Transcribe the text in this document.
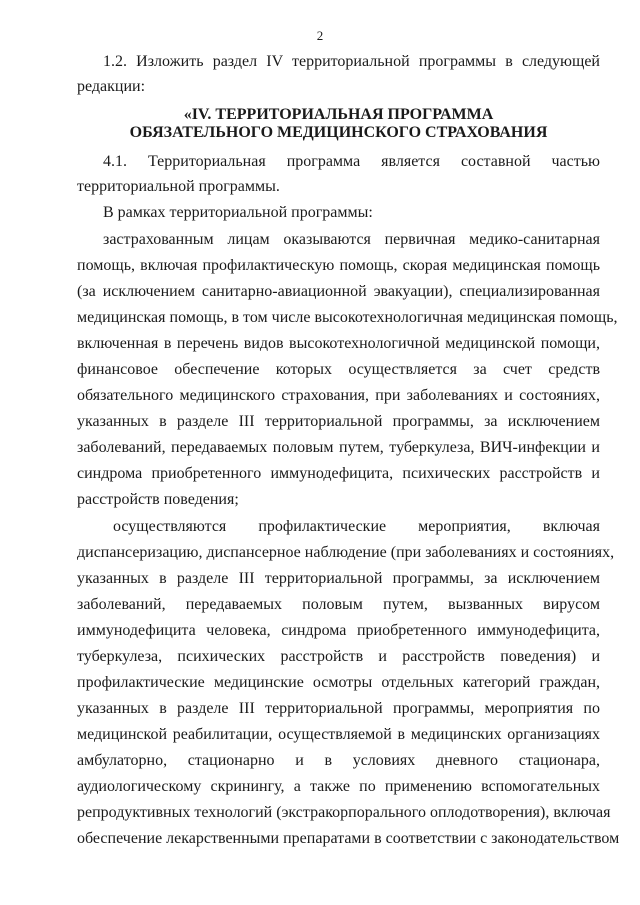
2
1.2. Изложить раздел IV территориальной программы в следующей
редакции:
«IV. ТЕРРИТОРИАЛЬНАЯ ПРОГРАММА
ОБЯЗАТЕЛЬНОГО МЕДИЦИНСКОГО СТРАХОВАНИЯ
4.1. Территориальная программа является составной частью
территориальной программы.
В рамках территориальной программы:
застрахованным лицам оказываются первичная медико-санитарная
помощь, включая профилактическую помощь, скорая медицинская помощь
(за исключением санитарно-авиационной эвакуации), специализированная
медицинская помощь, в том числе высокотехнологичная медицинская помощь,
включенная в перечень видов высокотехнологичной медицинской помощи,
финансовое обеспечение которых осуществляется за счет средств
обязательного медицинского страхования, при заболеваниях и состояниях,
указанных в разделе III территориальной программы, за исключением
заболеваний, передаваемых половым путем, туберкулеза, ВИЧ-инфекции и
синдрома приобретенного иммунодефицита, психических расстройств и
расстройств поведения;
осуществляются профилактические мероприятия, включая
диспансеризацию, диспансерное наблюдение (при заболеваниях и состояниях,
указанных в разделе III территориальной программы, за исключением
заболеваний, передаваемых половым путем, вызванных вирусом
иммунодефицита человека, синдрома приобретенного иммунодефицита,
туберкулеза, психических расстройств и расстройств поведения) и
профилактические медицинские осмотры отдельных категорий граждан,
указанных в разделе III территориальной программы, мероприятия по
медицинской реабилитации, осуществляемой в медицинских организациях
амбулаторно, стационарно и в условиях дневного стационара,
аудиологическому скринингу, а также по применению вспомогательных
репродуктивных технологий (экстракорпорального оплодотворения), включая
обеспечение лекарственными препаратами в соответствии с законодательством
